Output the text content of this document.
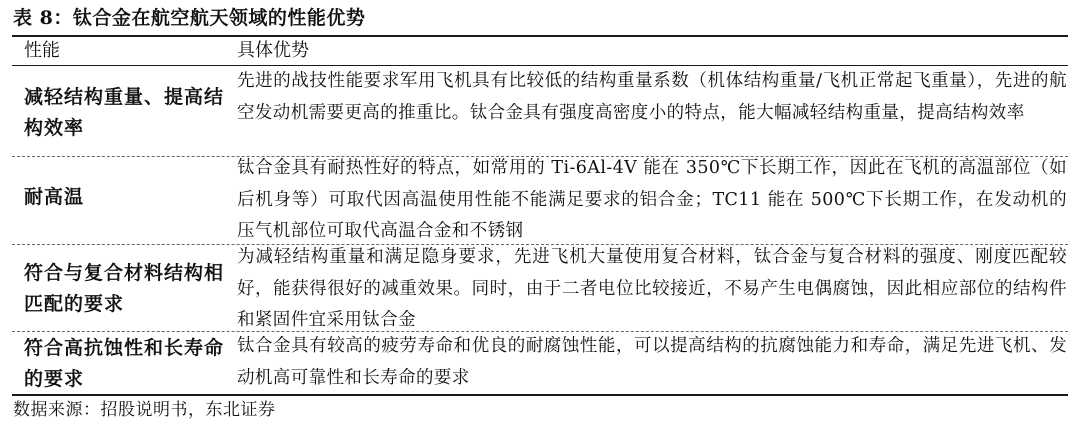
表 8：钛合金在航空航天领域的性能优势
性能	具体优势
减轻结构重量、提高结构效率
先进的战技性能要求军用飞机具有比较低的结构重量系数（机体结构重量/飞机正常起飞重量），先进的航空发动机需要更高的推重比。钛合金具有强度高密度小的特点，能大幅减轻结构重量，提高结构效率
耐高温
钛合金具有耐热性好的特点，如常用的 Ti-6Al-4V 能在 350℃下长期工作，因此在飞机的高温部位（如后机身等）可取代因高温使用性能不能满足要求的铝合金；TC11 能在 500℃下长期工作，在发动机的压气机部位可取代高温合金和不锈钢
符合与复合材料结构相匹配的要求
为减轻结构重量和满足隐身要求，先进飞机大量使用复合材料，钛合金与复合材料的强度、刚度匹配较好，能获得很好的减重效果。同时，由于二者电位比较接近，不易产生电偶腐蚀，因此相应部位的结构件和紧固件宜采用钛合金
符合高抗蚀性和长寿命的要求
钛合金具有较高的疲劳寿命和优良的耐腐蚀性能，可以提高结构的抗腐蚀能力和寿命，满足先进飞机、发动机高可靠性和长寿命的要求
数据来源：招股说明书，东北证券
